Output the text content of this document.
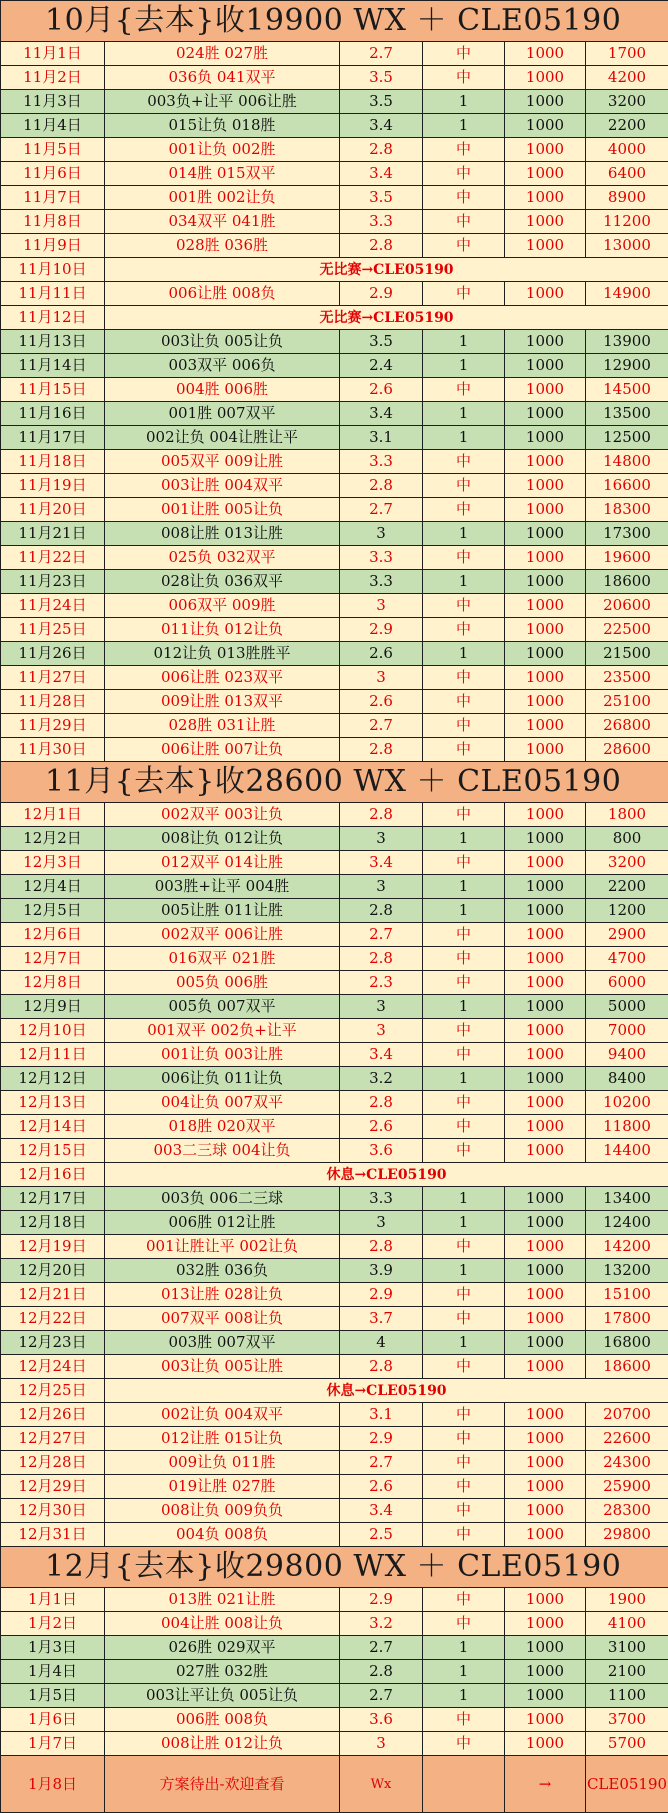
10月{去本}收19900 WX ＋ CLE05190					
11月1日	024胜 027胜	2.7	中	1000	1700
11月2日	036负 041双平	3.5	中	1000	4200
11月3日	003负+让平 006让胜	3.5	1	1000	3200
11月4日	015让负 018胜	3.4	1	1000	2200
11月5日	001让负 002胜	2.8	中	1000	4000
11月6日	014胜 015双平	3.4	中	1000	6400
11月7日	001胜 002让负	3.5	中	1000	8900
11月8日	034双平 041胜	3.3	中	1000	11200
11月9日	028胜 036胜	2.8	中	1000	13000
11月10日	无比赛→CLE05190				
11月11日	006让胜 008负	2.9	中	1000	14900
11月12日	无比赛→CLE05190				
11月13日	003让负 005让负	3.5	1	1000	13900
11月14日	003双平 006负	2.4	1	1000	12900
11月15日	004胜 006胜	2.6	中	1000	14500
11月16日	001胜 007双平	3.4	1	1000	13500
11月17日	002让负 004让胜让平	3.1	1	1000	12500
11月18日	005双平 009让胜	3.3	中	1000	14800
11月19日	003让胜 004双平	2.8	中	1000	16600
11月20日	001让胜 005让负	2.7	中	1000	18300
11月21日	008让胜 013让胜	3	1	1000	17300
11月22日	025负 032双平	3.3	中	1000	19600
11月23日	028让负 036双平	3.3	1	1000	18600
11月24日	006双平 009胜	3	中	1000	20600
11月25日	011让负 012让负	2.9	中	1000	22500
11月26日	012让负 013胜胜平	2.6	1	1000	21500
11月27日	006让胜 023双平	3	中	1000	23500
11月28日	009让胜 013双平	2.6	中	1000	25100
11月29日	028胜 031让胜	2.7	中	1000	26800
11月30日	006让胜 007让负	2.8	中	1000	28600
11月{去本}收28600 WX ＋ CLE05190					
12月1日	002双平 003让负	2.8	中	1000	1800
12月2日	008让负 012让负	3	1	1000	800
12月3日	012双平 014让胜	3.4	中	1000	3200
12月4日	003胜+让平 004胜	3	1	1000	2200
12月5日	005让胜 011让胜	2.8	1	1000	1200
12月6日	002双平 006让胜	2.7	中	1000	2900
12月7日	016双平 021胜	2.8	中	1000	4700
12月8日	005负 006胜	2.3	中	1000	6000
12月9日	005负 007双平	3	1	1000	5000
12月10日	001双平 002负+让平	3	中	1000	7000
12月11日	001让负 003让胜	3.4	中	1000	9400
12月12日	006让负 011让负	3.2	1	1000	8400
12月13日	004让负 007双平	2.8	中	1000	10200
12月14日	018胜 020双平	2.6	中	1000	11800
12月15日	003二三球 004让负	3.6	中	1000	14400
12月16日	休息→CLE05190				
12月17日	003负 006二三球	3.3	1	1000	13400
12月18日	006胜 012让胜	3	1	1000	12400
12月19日	001让胜让平 002让负	2.8	中	1000	14200
12月20日	032胜 036负	3.9	1	1000	13200
12月21日	013让胜 028让负	2.9	中	1000	15100
12月22日	007双平 008让负	3.7	中	1000	17800
12月23日	003胜 007双平	4	1	1000	16800
12月24日	003让负 005让胜	2.8	中	1000	18600
12月25日	休息→CLE05190				
12月26日	002让负 004双平	3.1	中	1000	20700
12月27日	012让胜 015让负	2.9	中	1000	22600
12月28日	009让负 011胜	2.7	中	1000	24300
12月29日	019让胜 027胜	2.6	中	1000	25900
12月30日	008让负 009负负	3.4	中	1000	28300
12月31日	004负 008负	2.5	中	1000	29800
12月{去本}收29800 WX ＋ CLE05190					
1月1日	013胜 021让胜	2.9	中	1000	1900
1月2日	004让胜 008让负	3.2	中	1000	4100
1月3日	026胜 029双平	2.7	1	1000	3100
1月4日	027胜 032胜	2.8	1	1000	2100
1月5日	003让平让负 005让负	2.7	1	1000	1100
1月6日	006胜 008负	3.6	中	1000	3700
1月7日	008让胜 012让负	3	中	1000	5700
1月8日	方案待出-欢迎查看	Wx		→	CLE05190
